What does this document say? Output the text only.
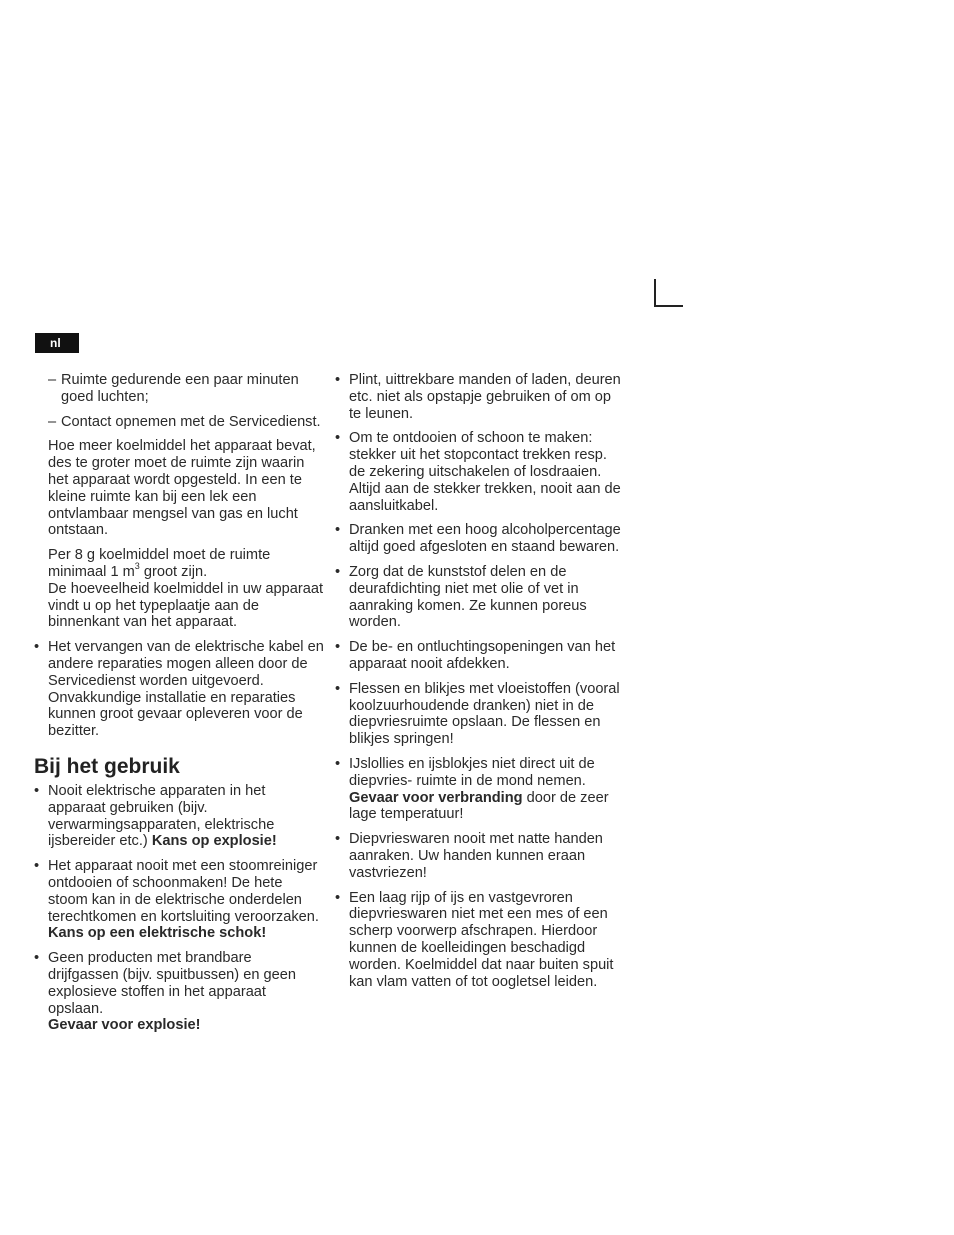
nl
– Ruimte gedurende een paar minuten goed luchten;
– Contact opnemen met de Servicedienst.

Hoe meer koelmiddel het apparaat bevat, des te groter moet de ruimte zijn waarin het apparaat wordt opgesteld. In een te kleine ruimte kan bij een lek een ontvlambaar mengsel van gas en lucht ontstaan.

Per 8 g koelmiddel moet de ruimte
minimaal 1 $m^3$ groot zijn.
De hoeveelheid koelmiddel in uw apparaat vindt u op het typeplaatje aan de binnenkant van het apparaat.
• Het vervangen van de elektrische kabel en andere reparaties mogen alleen door de Servicedienst worden uitgevoerd. Onvakkundige installatie en reparaties kunnen groot gevaar opleveren voor de bezitter.
Bij het gebruik
• Nooit elektrische apparaten in het apparaat gebruiken (bijv. verwarmingsapparaten, elektrische ijsbereider etc.) Kans op explosie!
• Het apparaat nooit met een stoomreiniger ontdooien of schoonmaken! De hete stoom kan in de elektrische onderdelen terechtkomen en kortsluiting veroorzaken.
Kans op een elektrische schok!
• Geen producten met brandbare drijfgassen (bijv. spuitbussen) en geen explosieve stoffen in het apparaat opslaan.
Gevaar voor explosie!
• Plint, uittrekbare manden of laden, deuren etc. niet als opstapje gebruiken of om op te leunen.
• Om te ontdooien of schoon te maken: stekker uit het stopcontact trekken resp. de zekering uitschakelen of losdraaien.
Altijd aan de stekker trekken, nooit aan de aansluitkabel.
• Dranken met een hoog alcoholpercentage altijd goed afgesloten en staand bewaren.
• Zorg dat de kunststof delen en de deurafdichting niet met olie of vet in aanraking komen. Ze kunnen poreus worden.
• De be- en ontluchtingsopeningen van het apparaat nooit afdekken.
• Flessen en blikjes met vloeistoffen (vooral koolzuurhoudende dranken) niet in de diepvriesruimte opslaan. De flessen en blikjes springen!
• IJslollies en ijsblokjes niet direct uit de diepvries- ruimte in de mond nemen.
Gevaar voor verbranding door de zeer lage temperatuur!
• Diepvrieswaren nooit met natte handen aanraken. Uw handen kunnen eraan vastvriezen!
• Een laag rijp of ijs en vastgevroren diepvrieswaren niet met een mes of een scherp voorwerp afschrapen. Hierdoor kunnen de koelleidingen beschadigd worden. Koelmiddel dat naar buiten spuit kan vlam vatten of tot oogletsel leiden.
